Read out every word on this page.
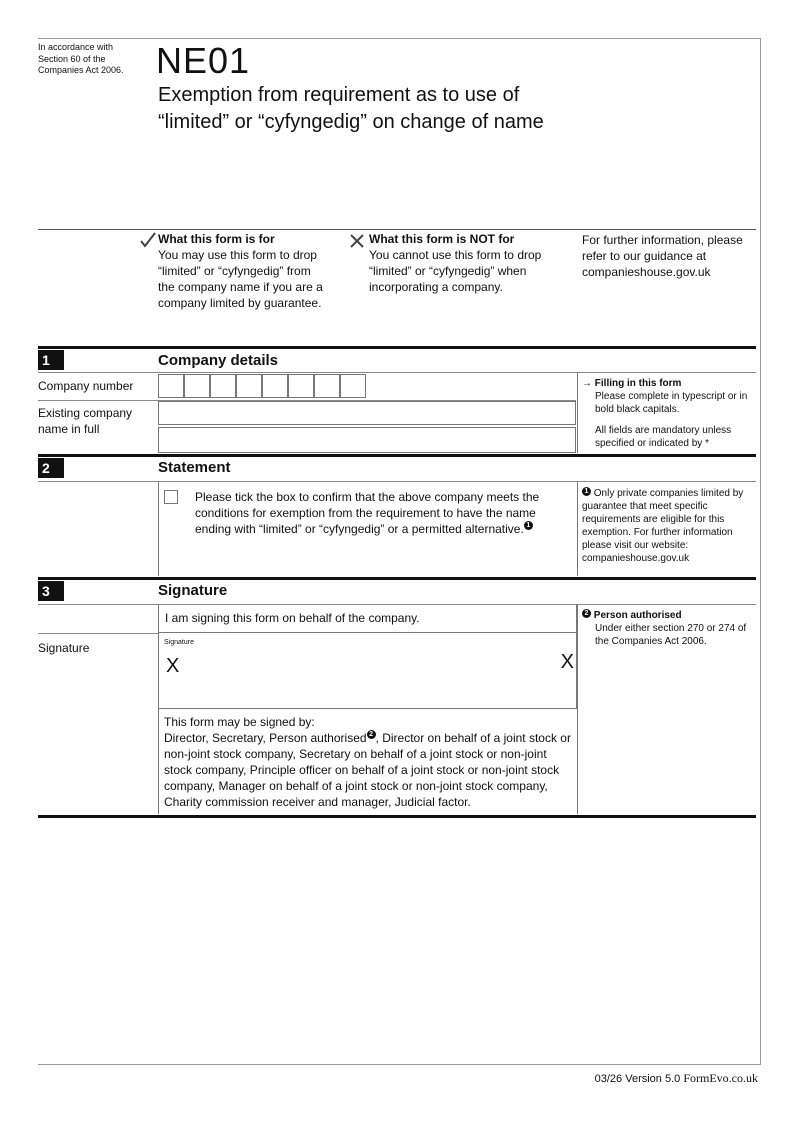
In accordance with Section 60 of the Companies Act 2006. NE01
Exemption from requirement as to use of
“limited” or “cyfyngedig” on change of name
What this form is for
You may use this form to drop “limited” or “cyfyngedig” from the company name if you are a company limited by guarantee.
What this form is NOT for
You cannot use this form to drop “limited” or “cyfyngedig” when incorporating a company.
For further information, please refer to our guidance at companieshouse.gov.uk
1	Company details
Company number
Existing company name in full
→ Filling in this form
Please complete in typescript or in bold black capitals.
All fields are mandatory unless specified or indicated by *
2	Statement
Please tick the box to confirm that the above company meets the conditions for exemption from the requirement to have the name ending with “limited” or “cyfyngedig” or a permitted alternative. 1
1 Only private companies limited by guarantee that meet specific requirements are eligible for this exemption. For further information please visit our website: companieshouse.gov.uk
3	Signature
I am signing this form on behalf of the company.
Signature	Signature
X	X
This form may be signed by:
Director, Secretary, Person authorised 2 , Director on behalf of a joint stock or non-joint stock company, Secretary on behalf of a joint stock or non-joint stock company, Principle officer on behalf of a joint stock or non-joint stock company, Manager on behalf of a joint stock or non-joint stock company, Charity commission receiver and manager, Judicial factor.
2 Person authorised
Under either section 270 or 274 of the Companies Act 2006.
03/26 Version 5.0 FormEvo.co.uk
